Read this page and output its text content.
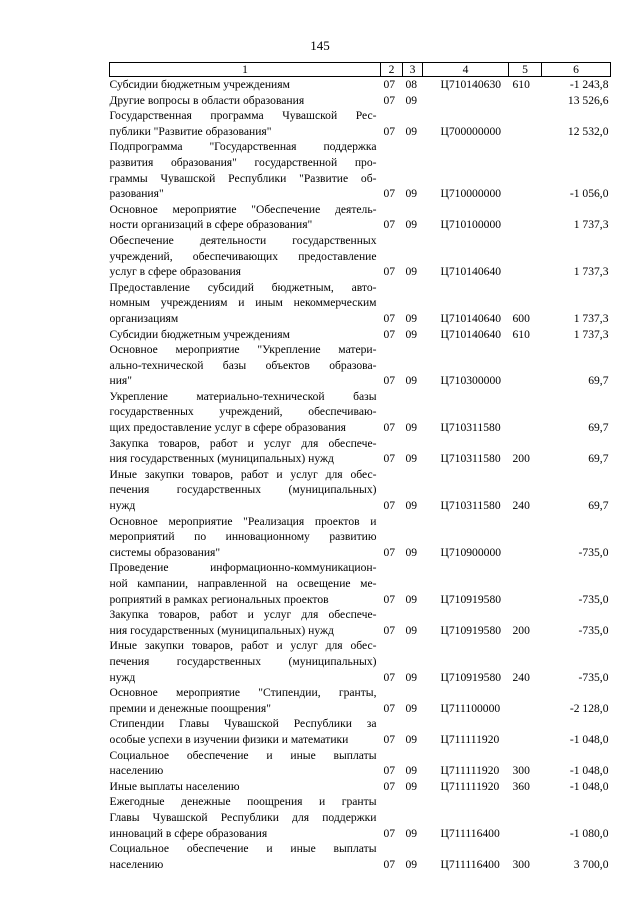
145
1	2	3	4	5	6

Субсидии бюджетным учреждениям	07	08	Ц710140630	610	-1 243,8

Другие вопросы в области образования	07	09			13 526,6

Государственная программа Чувашской Рес-
публики "Развитие образования"	07	09	Ц700000000		12 532,0

Подпрограмма "Государственная поддержка
развития образования" государственной про-
граммы Чувашской Республики "Развитие об-
разования"	07	09	Ц710000000		-1 056,0

Основное мероприятие "Обеспечение деятель-
ности организаций в сфере образования"	07	09	Ц710100000		1 737,3

Обеспечение деятельности государственных
учреждений, обеспечивающих предоставление
услуг в сфере образования	07	09	Ц710140640		1 737,3

Предоставление субсидий бюджетным, авто-
номным учреждениям и иным некоммерческим
организациям	07	09	Ц710140640	600	1 737,3

Субсидии бюджетным учреждениям	07	09	Ц710140640	610	1 737,3

Основное мероприятие "Укрепление матери-
ально-технической базы объектов образова-
ния"	07	09	Ц710300000		69,7

Укрепление материально-технической базы
государственных учреждений, обеспечиваю-
щих предоставление услуг в сфере образования	07	09	Ц710311580		69,7

Закупка товаров, работ и услуг для обеспече-
ния государственных (муниципальных) нужд	07	09	Ц710311580	200	69,7

Иные закупки товаров, работ и услуг для обес-
печения государственных (муниципальных)
нужд	07	09	Ц710311580	240	69,7

Основное мероприятие "Реализация проектов и
мероприятий по инновационному развитию
системы образования"	07	09	Ц710900000		-735,0

Проведение информационно-коммуникацион-
ной кампании, направленной на освещение ме-
роприятий в рамках региональных проектов	07	09	Ц710919580		-735,0

Закупка товаров, работ и услуг для обеспече-
ния государственных (муниципальных) нужд	07	09	Ц710919580	200	-735,0

Иные закупки товаров, работ и услуг для обес-
печения государственных (муниципальных)
нужд	07	09	Ц710919580	240	-735,0

Основное мероприятие "Стипендии, гранты,
премии и денежные поощрения"	07	09	Ц711100000		-2 128,0

Стипендии Главы Чувашской Республики за
особые успехи в изучении физики и математики	07	09	Ц711111920		-1 048,0

Социальное обеспечение и иные выплаты
населению	07	09	Ц711111920	300	-1 048,0

Иные выплаты населению	07	09	Ц711111920	360	-1 048,0

Ежегодные денежные поощрения и гранты
Главы Чувашской Республики для поддержки
инноваций в сфере образования	07	09	Ц711116400		-1 080,0

Социальное обеспечение и иные выплаты
населению	07	09	Ц711116400	300	3 700,0
